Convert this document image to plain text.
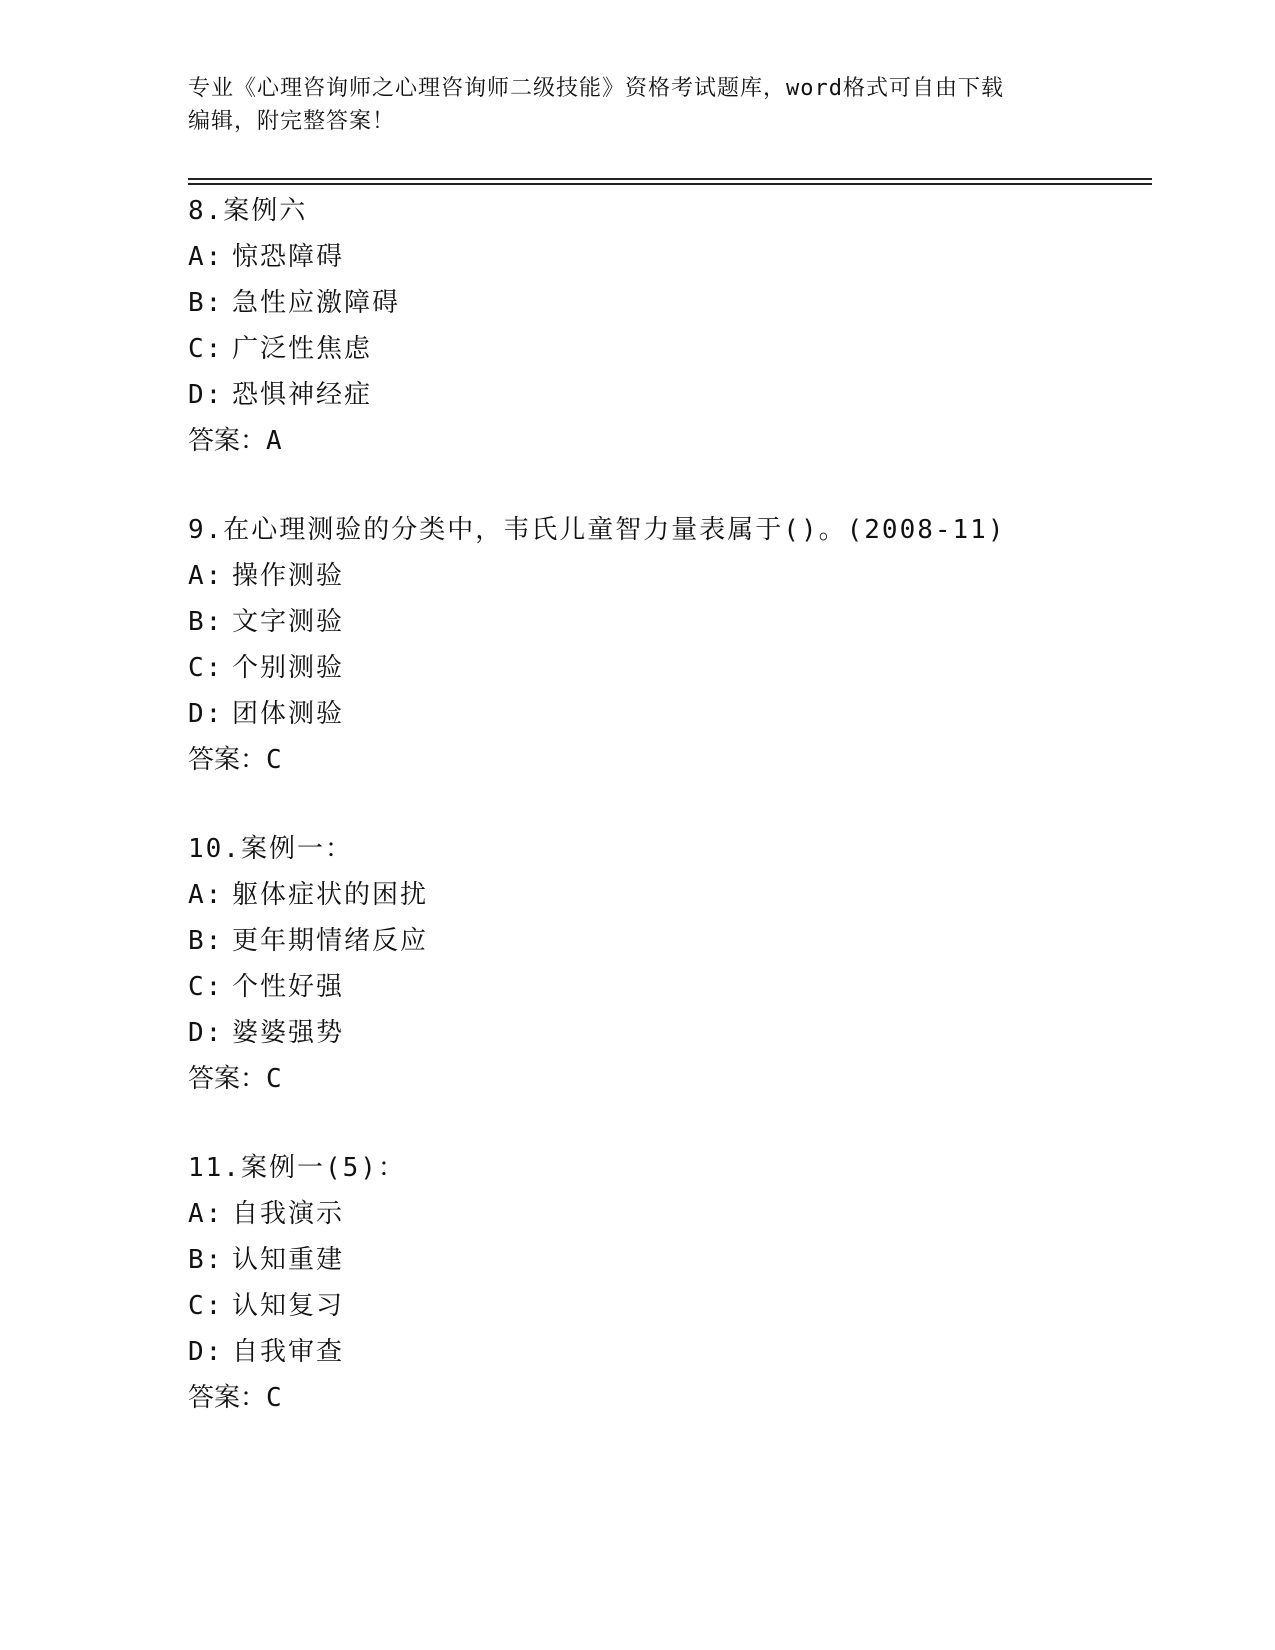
专业《心理咨询师之心理咨询师二级技能》资格考试题库，word格式可自由下载
编辑，附完整答案！
8.案例六
A: 惊恐障碍
B: 急性应激障碍
C: 广泛性焦虑
D: 恐惧神经症
答案：A
9.在心理测验的分类中，韦氏儿童智力量表属于()。(2008-11)
A: 操作测验
B: 文字测验
C: 个别测验
D: 团体测验
答案：C
10.案例一：
A: 躯体症状的困扰
B: 更年期情绪反应
C: 个性好强
D: 婆婆强势
答案：C
11.案例一(5)：
A: 自我演示
B: 认知重建
C: 认知复习
D: 自我审查
答案：C
